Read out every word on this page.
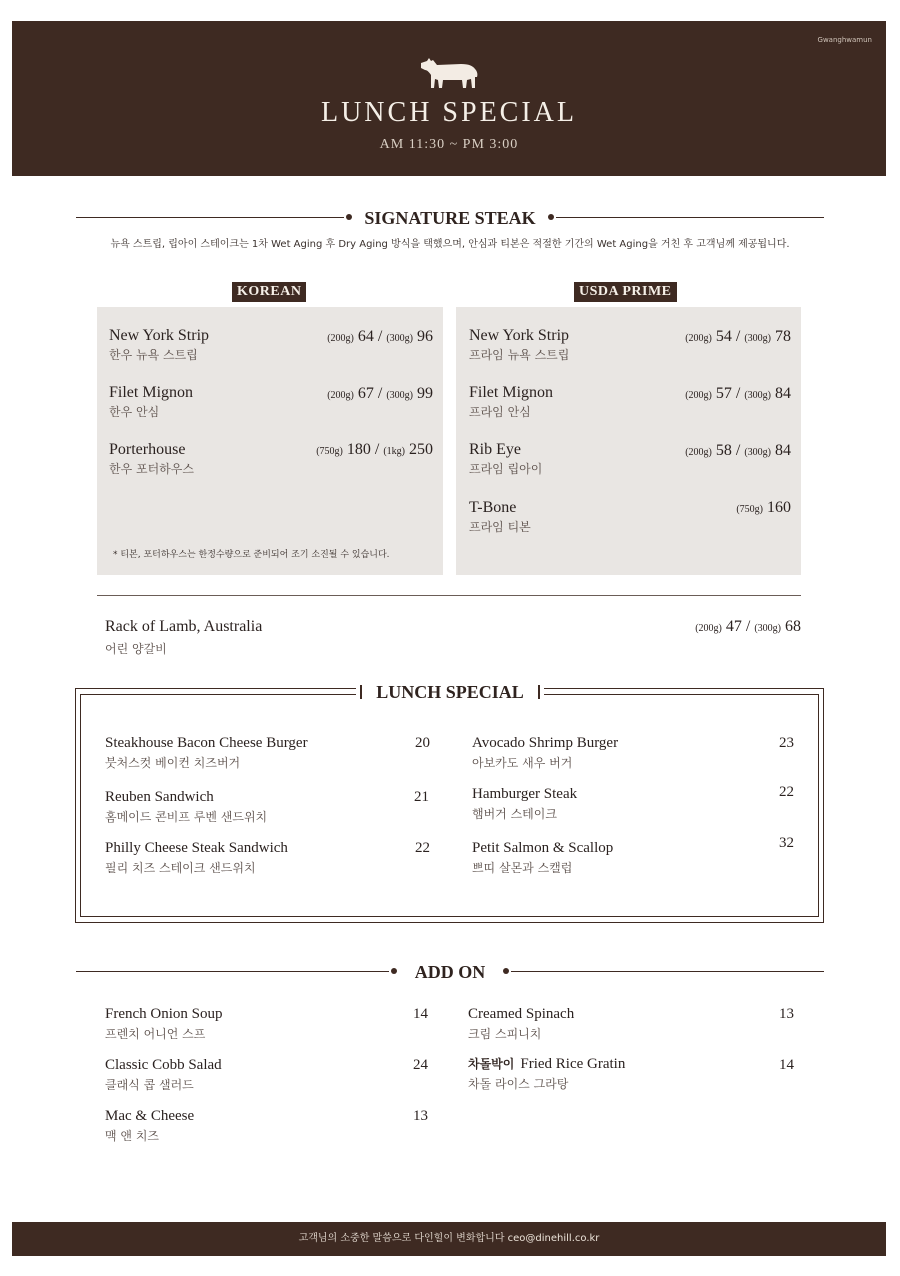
Gwanghwamun
LUNCH SPECIAL
AM 11:30 ~ PM 3:00
SIGNATURE STEAK
뉴욕 스트립, 립아이 스테이크는 1차 Wet Aging 후 Dry Aging 방식을 택했으며, 안심과 티본은 적절한 기간의 Wet Aging을 거친 후 고객님께 제공됩니다.
KOREAN
New York Strip
한우 뉴욕 스트립
(200g) 64 / (300g) 96
Filet Mignon
한우 안심
(200g) 67 / (300g) 99
Porterhouse
한우 포터하우스
(750g) 180 / (1kg) 250
* 티본, 포터하우스는 한정수량으로 준비되어 조기 소진될 수 있습니다.
USDA PRIME
New York Strip
프라임 뉴욕 스트립
(200g) 54 / (300g) 78
Filet Mignon
프라임 안심
(200g) 57 / (300g) 84
Rib Eye
프라임 립아이
(200g) 58 / (300g) 84
T-Bone
프라임 티본
(750g) 160
Rack of Lamb, Australia
어린 양갈비
(200g) 47 / (300g) 68
LUNCH SPECIAL
Steakhouse Bacon Cheese Burger
붓처스컷 베이컨 치즈버거
20
Reuben Sandwich
홈메이드 콘비프 루벤 샌드위치
21
Philly Cheese Steak Sandwich
필리 치즈 스테이크 샌드위치
22
Avocado Shrimp Burger
아보카도 새우 버거
23
Hamburger Steak
햄버거 스테이크
22
Petit Salmon & Scallop
쁘띠 살몬과 스캘럽
32
ADD ON
French Onion Soup
프렌치 어니언 스프
14
Classic Cobb Salad
클래식 콥 샐러드
24
Mac & Cheese
맥 앤 치즈
13
Creamed Spinach
크림 스피니치
13
차돌박이 Fried Rice Gratin
차돌 라이스 그라탕
14
고객님의 소중한 말씀으로 다인힐이 변화합니다 ceo@dinehill.co.kr
